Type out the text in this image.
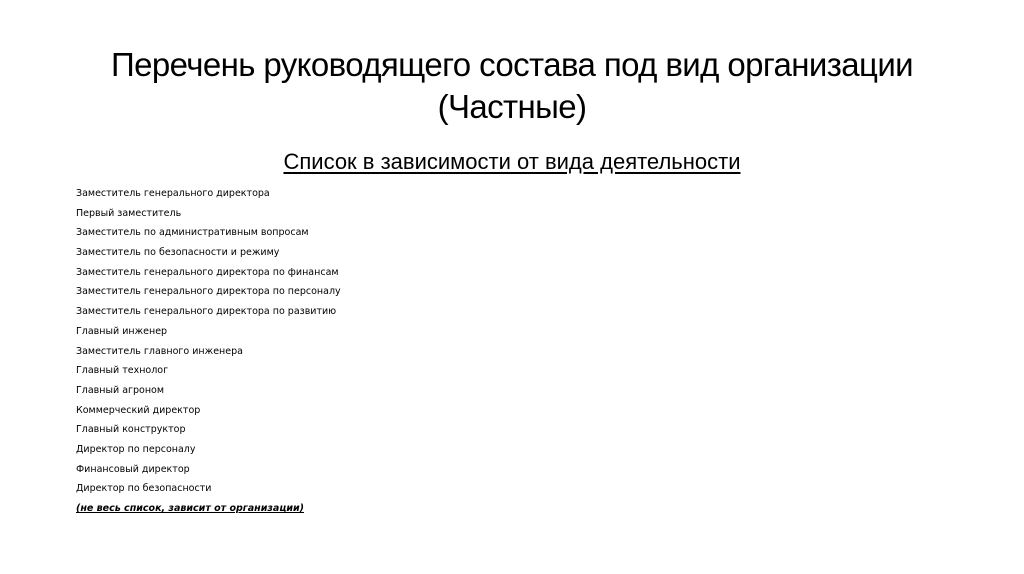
Перечень руководящего состава под вид организации
(Частные)
Список в зависимости от вида деятельности
Заместитель генерального директора
Первый заместитель
Заместитель по административным вопросам
Заместитель по безопасности и режиму
Заместитель генерального директора по финансам
Заместитель генерального директора по персоналу
Заместитель генерального директора по развитию
Главный инженер
Заместитель главного инженера
Главный технолог
Главный агроном
Коммерческий директор
Главный конструктор
Директор по персоналу
Финансовый директор
Директор по безопасности
(не весь список, зависит от организации)
